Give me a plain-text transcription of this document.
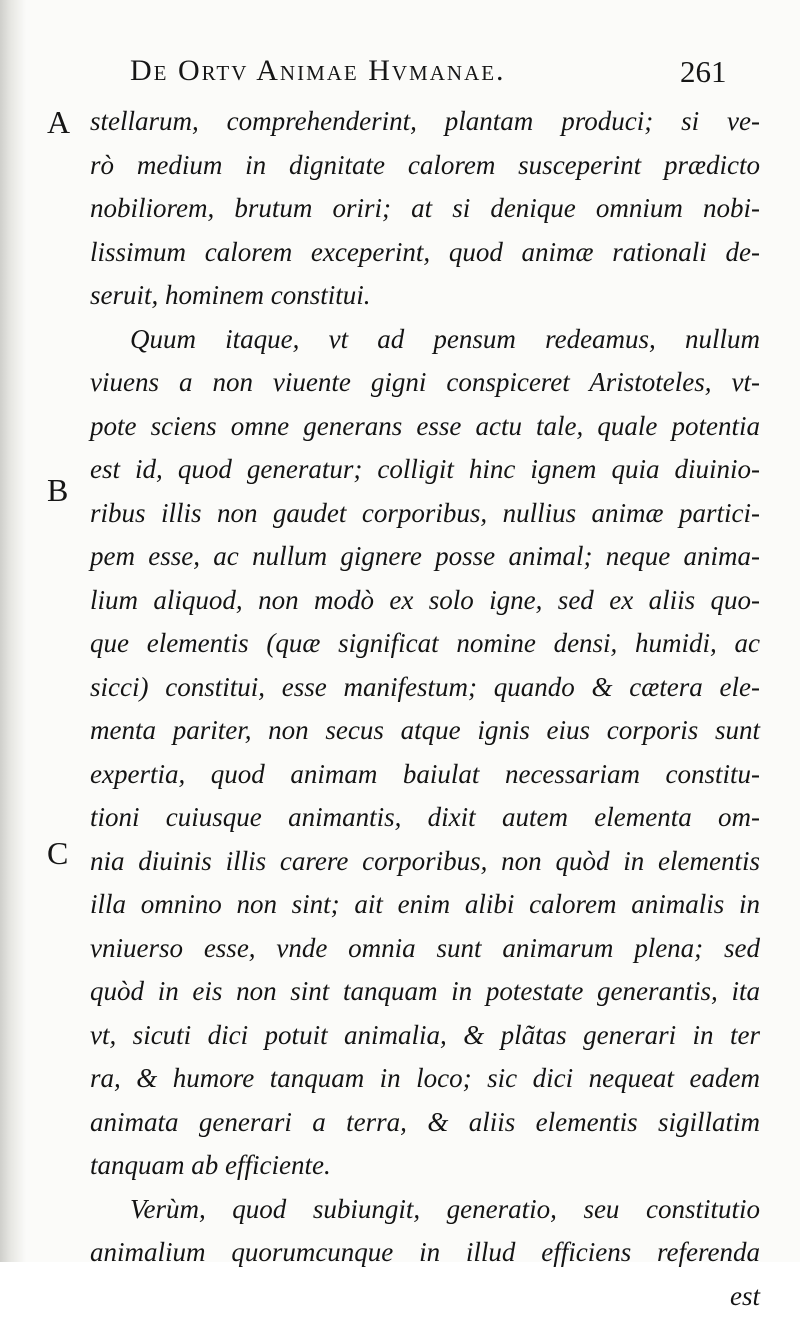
De Ortv Animae Hvmanae.	261
A
B
C
stellarum, comprehenderint, plantam produci; si ve-
rò medium in dignitate calorem susceperint prædicto
nobiliorem, brutum oriri; at si denique omnium nobi-
lissimum calorem exceperint, quod animæ rationali de-
seruit, hominem constitui.
Quum itaque, vt ad pensum redeamus, nullum
viuens a non viuente gigni conspiceret Aristoteles, vt-
pote sciens omne generans esse actu tale, quale potentia
est id, quod generatur; colligit hinc ignem quia diuinio-
ribus illis non gaudet corporibus, nullius animæ partici-
pem esse, ac nullum gignere posse animal; neque anima-
lium aliquod, non modò ex solo igne, sed ex aliis quo-
que elementis (quæ significat nomine densi, humidi, ac
sicci) constitui, esse manifestum; quando & cætera ele-
menta pariter, non secus atque ignis eius corporis sunt
expertia, quod animam baiulat necessariam constitu-
tioni cuiusque animantis, dixit autem elementa om-
nia diuinis illis carere corporibus, non quòd in elementis
illa omnino non sint; ait enim alibi calorem animalis in
vniuerso esse, vnde omnia sunt animarum plena; sed
quòd in eis non sint tanquam in potestate generantis, ita
vt, sicuti dici potuit animalia, & plãtas generari in ter
ra, & humore tanquam in loco; sic dici nequeat eadem
animata generari a terra, & aliis elementis sigillatim
tanquam ab efficiente.
Verùm, quod subiungit, generatio, seu constitutio
animalium quorumcunque in illud efficiens referenda
est
